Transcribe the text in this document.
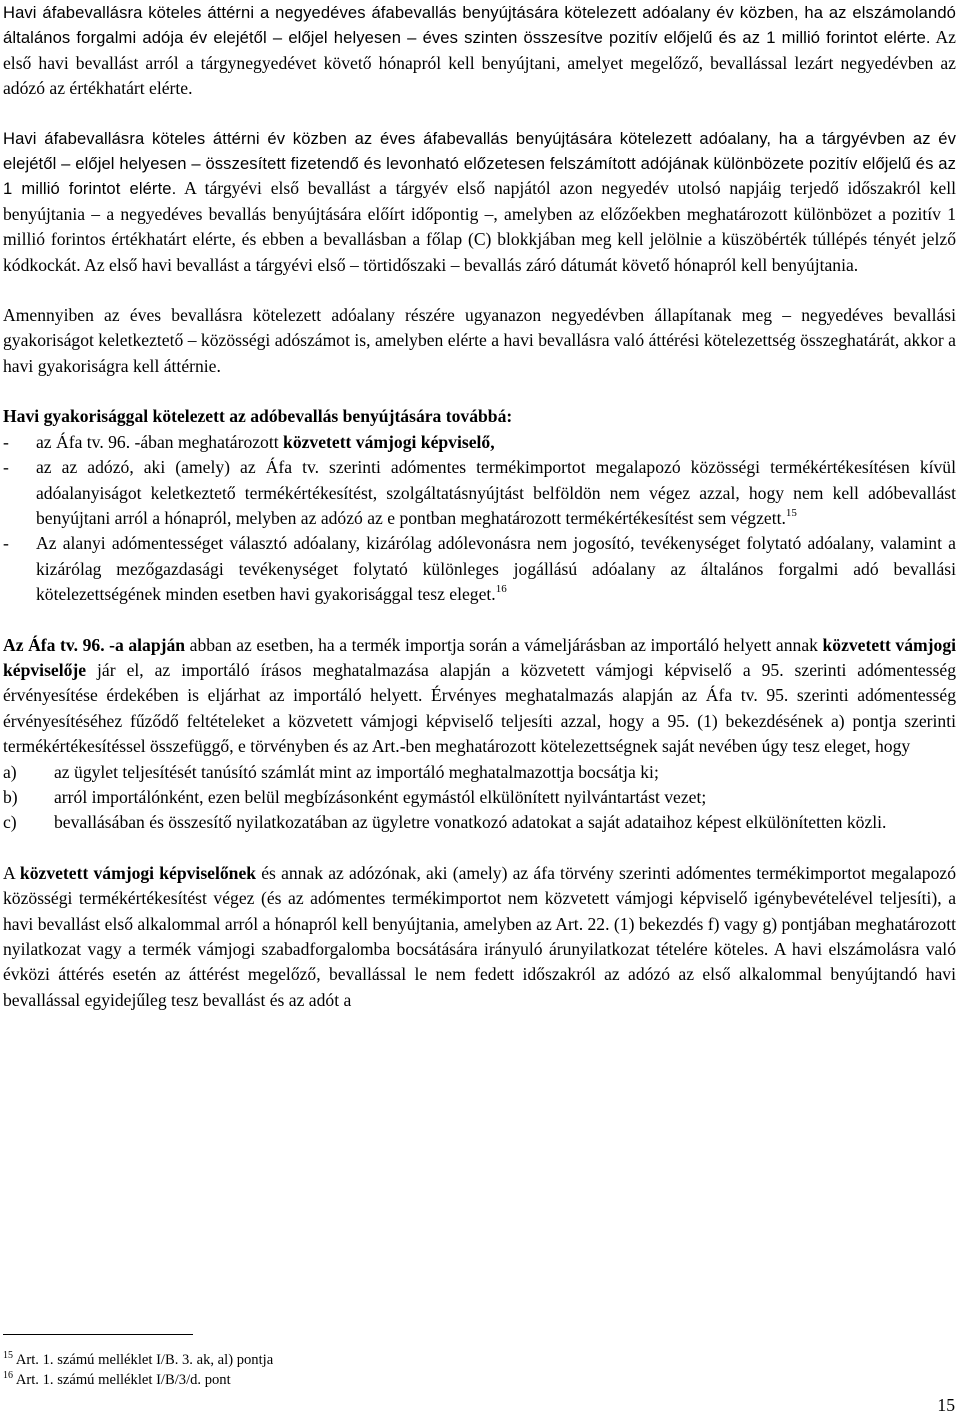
Havi áfabevallásra köteles áttérni a negyedéves áfabevallás benyújtására kötelezett adóalany év közben, ha az elszámolandó általános forgalmi adója év elejétől – előjel helyesen – éves szinten összesítve pozitív előjelű és az 1 millió forintot elérte. Az első havi bevallást arról a tárgynegyedévet követő hónapról kell benyújtani, amelyet megelőző, bevallással lezárt negyedévben az adózó az értékhatárt elérte.

Havi áfabevallásra köteles áttérni év közben az éves áfabevallás benyújtására kötelezett adóalany, ha a tárgyévben az év elejétől – előjel helyesen – összesített fizetendő és levonható előzetesen felszámított adójának különbözete pozitív előjelű és az 1 millió forintot elérte. A tárgyévi első bevallást a tárgyév első napjától azon negyedév utolsó napjáig terjedő időszakról kell benyújtania – a negyedéves bevallás benyújtására előírt időpontig –, amelyben az előzőekben meghatározott különbözet a pozitív 1 millió forintos értékhatárt elérte, és ebben a bevallásban a főlap (C) blokkjában meg kell jelölnie a küszöbérték túllépés tényét jelző kódkockát. Az első havi bevallást a tárgyévi első – törtidőszaki – bevallás záró dátumát követő hónapról kell benyújtania.

Amennyiben az éves bevallásra kötelezett adóalany részére ugyanazon negyedévben állapítanak meg – negyedéves bevallási gyakoriságot keletkeztető – közösségi adószámot is, amelyben elérte a havi bevallásra való áttérési kötelezettség összeghatárát, akkor a havi gyakoriságra kell áttérnie.

Havi gyakorisággal kötelezett az adóbevallás benyújtására továbbá:

- az Áfa tv. 96. -ában meghatározott közvetett vámjogi képviselő,
- az az adózó, aki (amely) az Áfa tv. szerinti adómentes termékimportot megalapozó közösségi termékértékesítésen kívül adóalanyiságot keletkeztető termékértékesítést, szolgáltatásnyújtást belföldön nem végez azzal, hogy nem kell adóbevallást benyújtani arról a hónapról, melyben az adózó az e pontban meghatározott termékértékesítést sem végzett.$^{15}$
- Az alanyi adómentességet választó adóalany, kizárólag adólevonásra nem jogosító, tevékenységet folytató adóalany, valamint a kizárólag mezőgazdasági tevékenységet folytató különleges jogállású adóalany az általános forgalmi adó bevallási kötelezettségének minden esetben havi gyakorisággal tesz eleget.$^{16}$

Az Áfa tv. 96. -a alapján abban az esetben, ha a termék importja során a vámeljárásban az importáló helyett annak közvetett vámjogi képviselője jár el, az importáló írásos meghatalmazása alapján a közvetett vámjogi képviselő a 95. szerinti adómentesség érvényesítése érdekében is eljárhat az importáló helyett. Érvényes meghatalmazás alapján az Áfa tv. 95. szerinti adómentesség érvényesítéséhez fűződő feltételeket a közvetett vámjogi képviselő teljesíti azzal, hogy a 95. (1) bekezdésének a) pontja szerinti termékértékesítéssel összefüggő, e törvényben és az Art.-ben meghatározott kötelezettségnek saját nevében úgy tesz eleget, hogy

a) az ügylet teljesítését tanúsító számlát mint az importáló meghatalmazottja bocsátja ki;
b) arról importálónként, ezen belül megbízásonként egymástól elkülönített nyilvántartást vezet;
c) bevallásában és összesítő nyilatkozatában az ügyletre vonatkozó adatokat a saját adataihoz képest elkülönítetten közli.

A közvetett vámjogi képviselőnek és annak az adózónak, aki (amely) az áfa törvény szerinti adómentes termékimportot megalapozó közösségi termékértékesítést végez (és az adómentes termékimportot nem közvetett vámjogi képviselő igénybevételével teljesíti), a havi bevallást első alkalommal arról a hónapról kell benyújtania, amelyben az Art. 22. (1) bekezdés f) vagy g) pontjában meghatározott nyilatkozat vagy a termék vámjogi szabadforgalomba bocsátására irányuló árunyilatkozat tételére köteles. A havi elszámolásra való évközi áttérés esetén az áttérést megelőző, bevallással le nem fedett időszakról az adózó az első alkalommal benyújtandó havi bevallással egyidejűleg tesz bevallást és az adót a

$^{15}$ Art. 1. számú melléklet I/B. 3. ak, al) pontja
$^{16}$ Art. 1. számú melléklet I/B/3/d. pont
15
